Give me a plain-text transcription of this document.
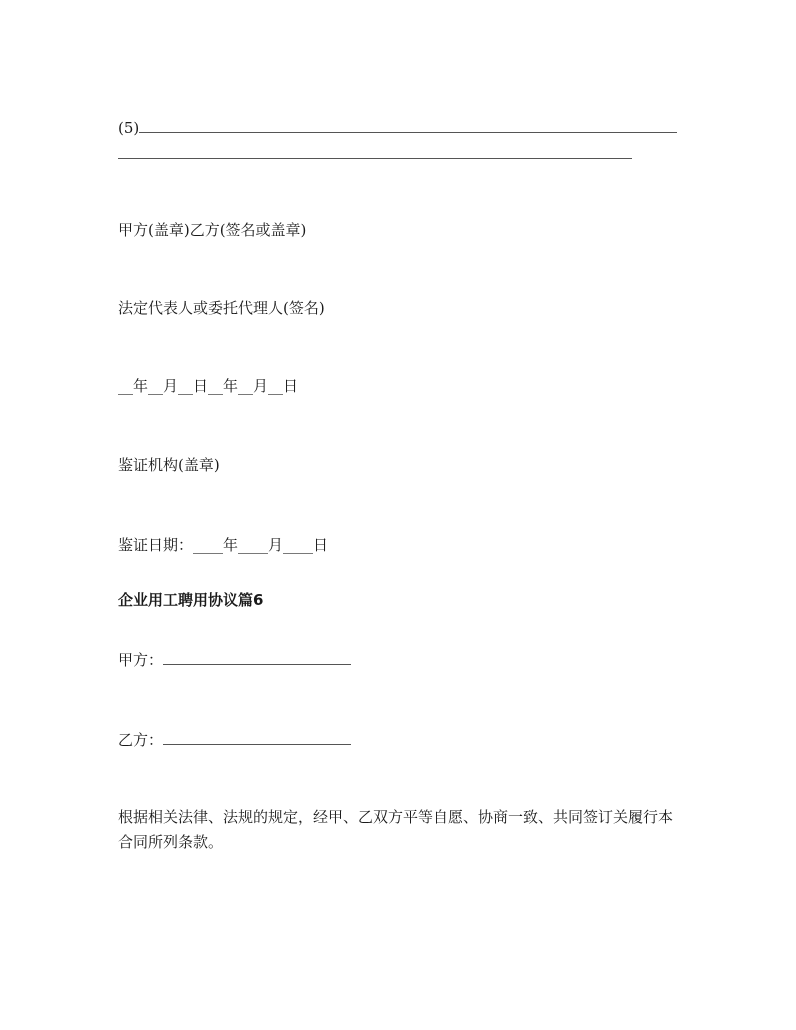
(5)
甲方(盖章)乙方(签名或盖章)
法定代表人或委托代理人(签名)
__年__月__日__年__月__日
鉴证机构(盖章)
鉴证日期：____年____月____日
企业用工聘用协议篇6
甲方：
乙方：
根据相关法律、法规的规定，经甲、乙双方平等自愿、协商一致、共同签订关履行本合同所列条款。
